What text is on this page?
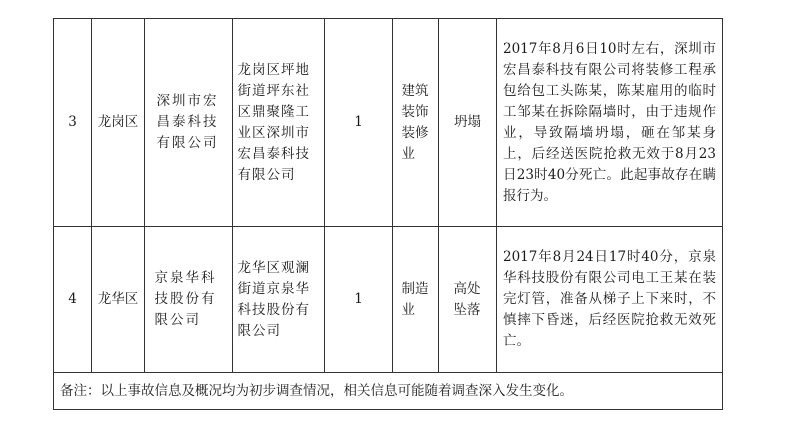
3	龙岗区	深圳市宏昌泰科技有限公司	龙岗区坪地街道坪东社区鼎聚隆工业区深圳市宏昌泰科技有限公司	1	建筑装饰装修业	坍塌	2017年8月6日10时左右，深圳市宏昌泰科技有限公司将装修工程承包给包工头陈某，陈某雇用的临时工邹某在拆除隔墙时，由于违规作业，导致隔墙坍塌，砸在邹某身上，后经送医院抢救无效于8月23日23时40分死亡。此起事故存在瞒报行为。
4	龙华区	京泉华科技股份有限公司	龙华区观澜街道京泉华科技股份有限公司	1	制造业	高处坠落	2017年8月24日17时40分，京泉华科技股份有限公司电工王某在装完灯管，准备从梯子上下来时，不慎摔下昏迷，后经医院抢救无效死亡。
备注：以上事故信息及概况均为初步调查情况，相关信息可能随着调查深入发生变化。							
